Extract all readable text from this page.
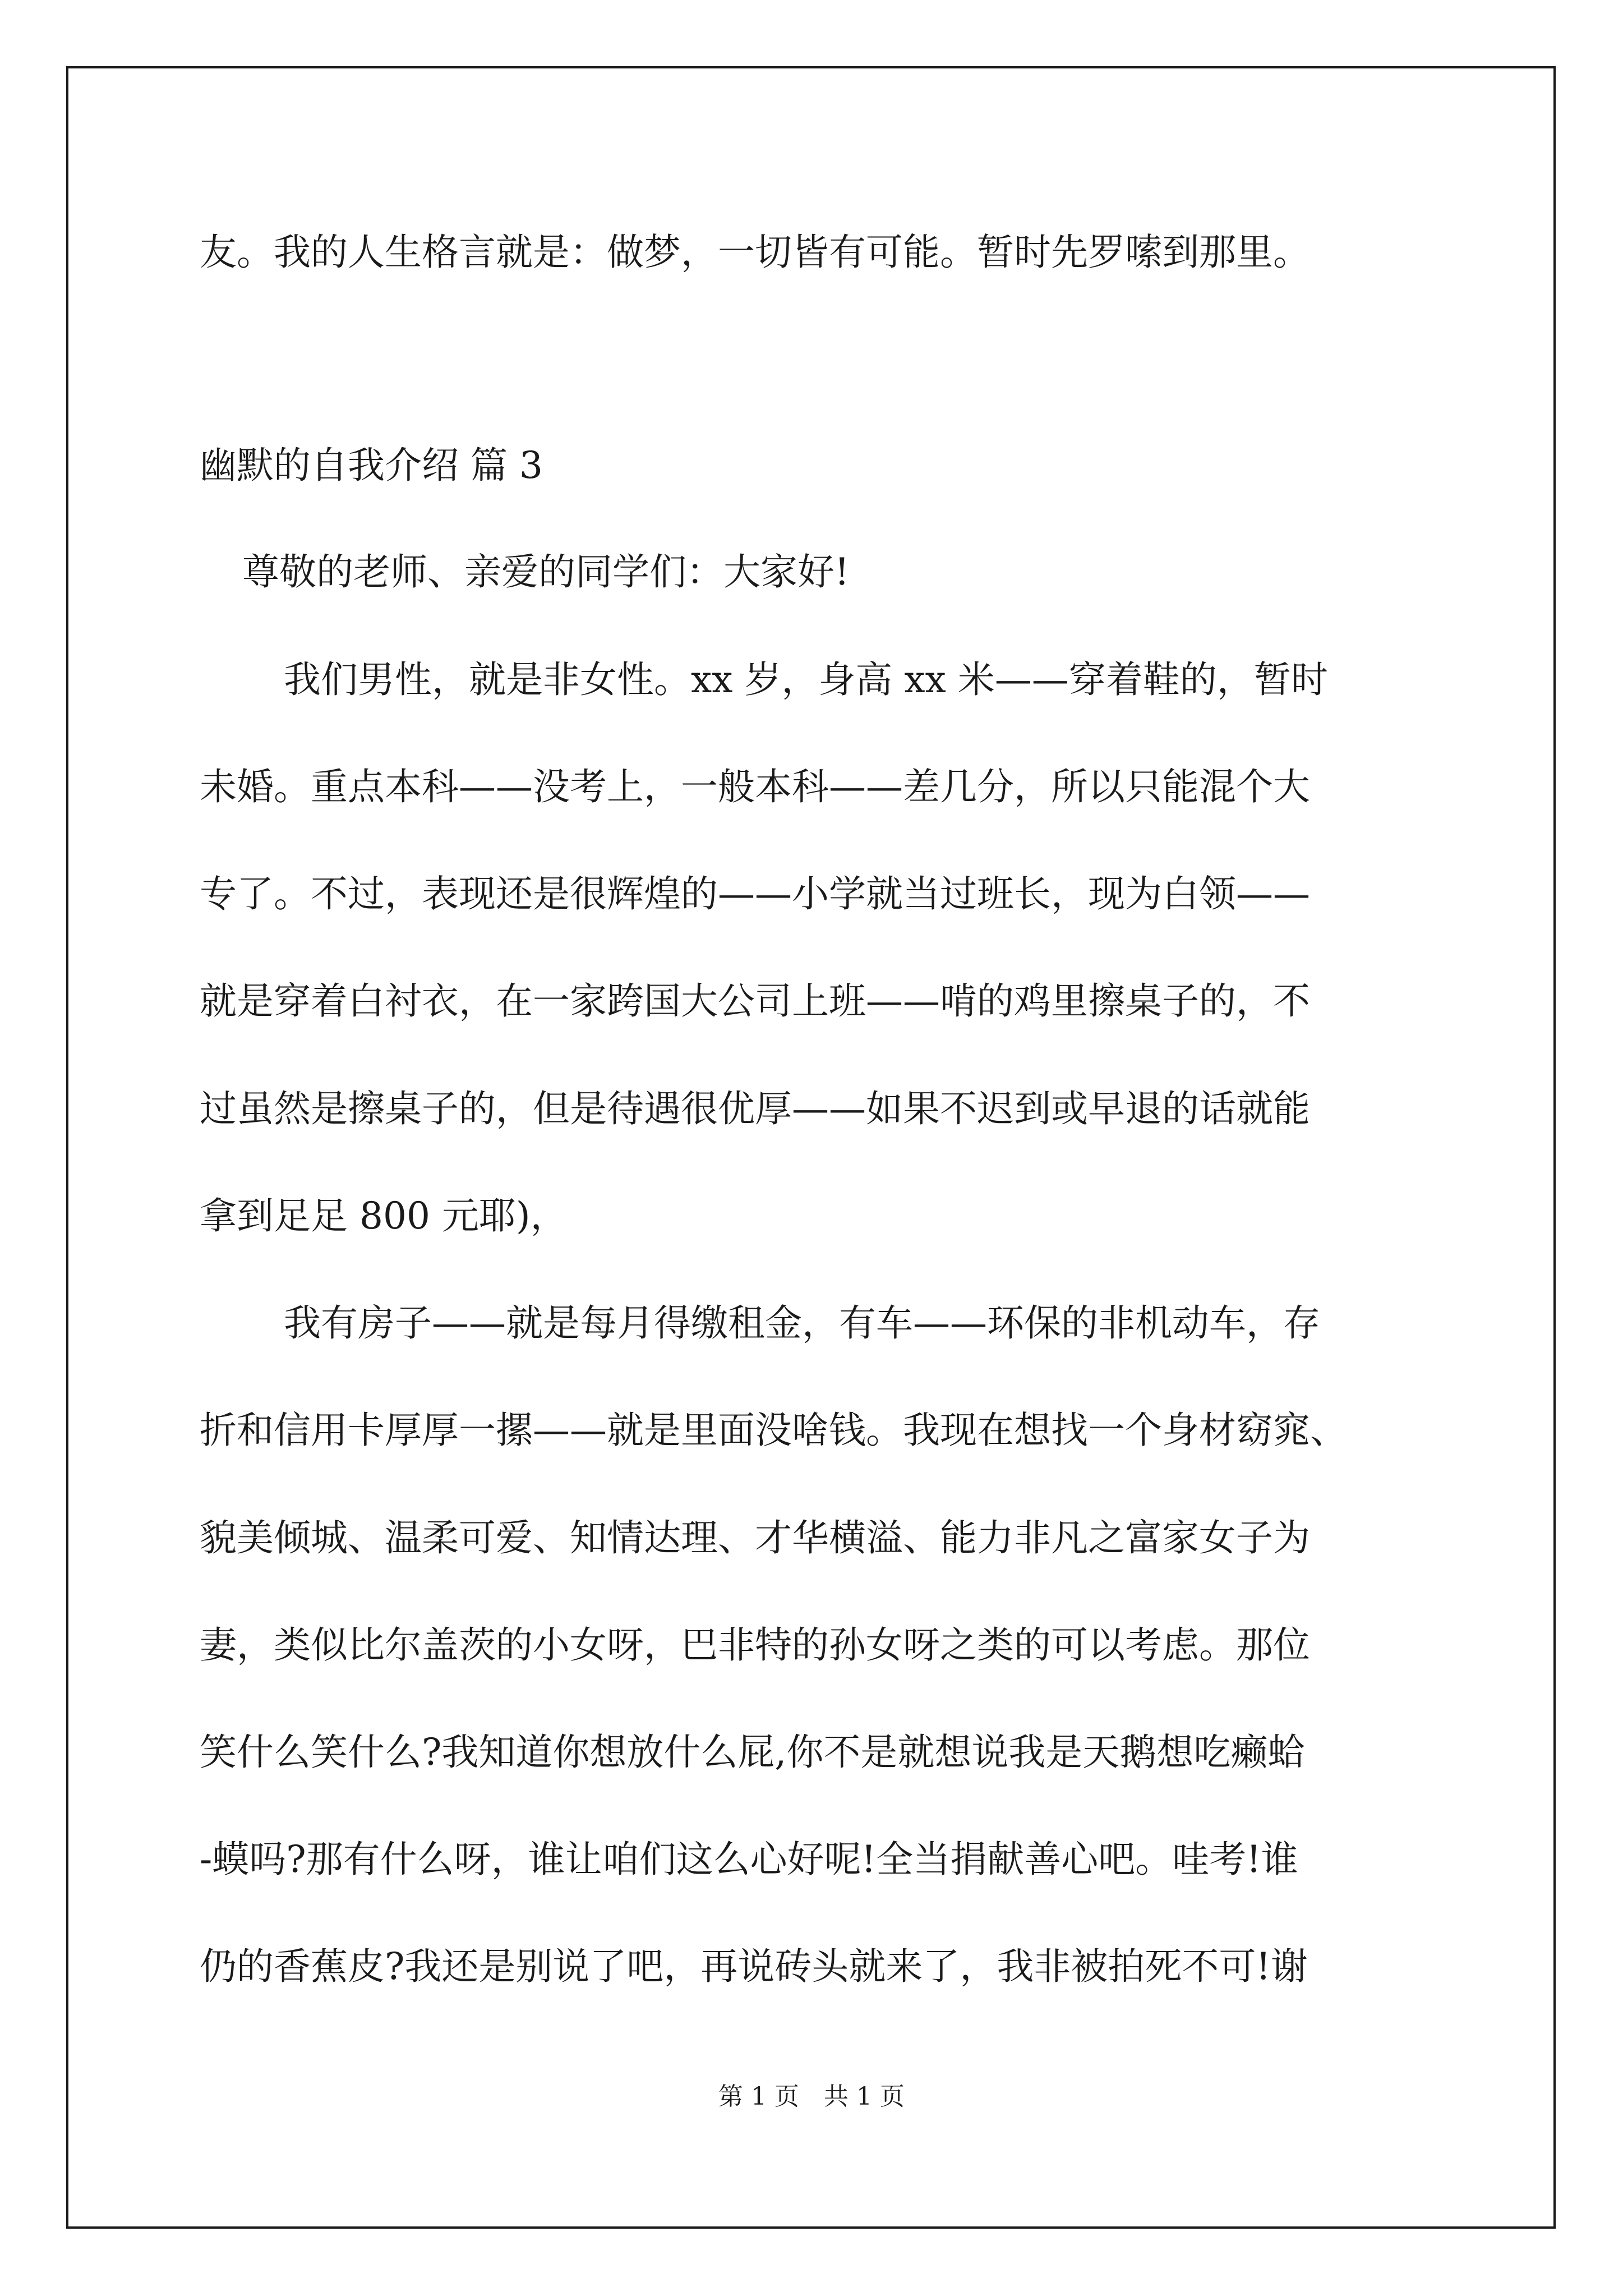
友。我的人生格言就是：做梦，一切皆有可能。暂时先罗嗦到那里。
幽默的自我介绍 篇 3
尊敬的老师、亲爱的同学们：大家好!
我们男性，就是非女性。xx 岁，身高 xx 米——穿着鞋的，暂时
未婚。重点本科——没考上，一般本科——差几分，所以只能混个大
专了。不过，表现还是很辉煌的——小学就当过班长，现为白领——
就是穿着白衬衣，在一家跨国大公司上班——啃的鸡里擦桌子的，不
过虽然是擦桌子的，但是待遇很优厚——如果不迟到或早退的话就能
拿到足足 800 元耶)，
我有房子——就是每月得缴租金，有车——环保的非机动车，存
折和信用卡厚厚一摞——就是里面没啥钱。我现在想找一个身材窈窕、
貌美倾城、温柔可爱、知情达理、才华横溢、能力非凡之富家女子为
妻，类似比尔盖茨的小女呀，巴非特的孙女呀之类的可以考虑。那位
笑什么笑什么?我知道你想放什么屁,你不是就想说我是天鹅想吃癞蛤
-蟆吗?那有什么呀，谁让咱们这么心好呢!全当捐献善心吧。哇考!谁
仍的香蕉皮?我还是别说了吧，再说砖头就来了，我非被拍死不可!谢
第 1 页　共 1 页
